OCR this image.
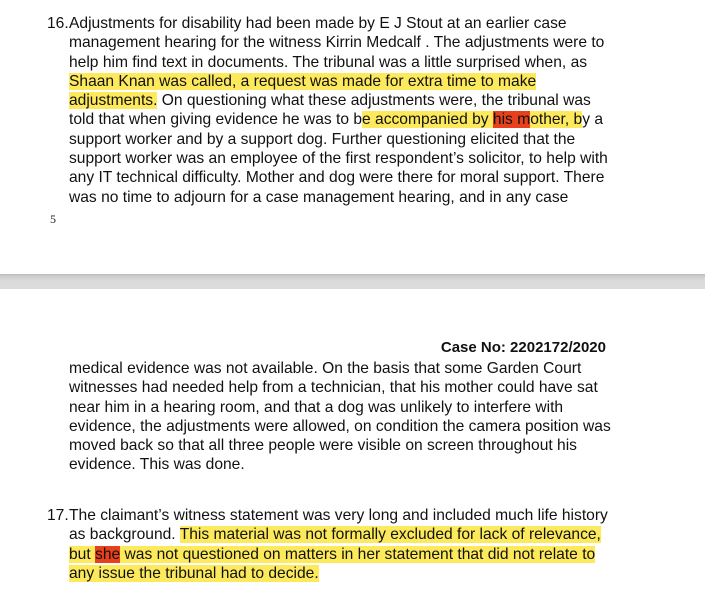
16. Adjustments for disability had been made by E J Stout at an earlier case
management hearing for the witness Kirrin Medcalf . The adjustments were to
help him find text in documents. The tribunal was a little surprised when, as
Shaan Knan was called, a request was made for extra time to make
adjustments. On questioning what these adjustments were, the tribunal was
told that when giving evidence he was to be accompanied by his mother, by a
support worker and by a support dog. Further questioning elicited that the
support worker was an employee of the first respondent’s solicitor, to help with
any IT technical difficulty. Mother and dog were there for moral support. There
was no time to adjourn for a case management hearing, and in any case
5
Case No: 2202172/2020
medical evidence was not available. On the basis that some Garden Court
witnesses had needed help from a technician, that his mother could have sat
near him in a hearing room, and that a dog was unlikely to interfere with
evidence, the adjustments were allowed, on condition the camera position was
moved back so that all three people were visible on screen throughout his
evidence. This was done.
17. The claimant’s witness statement was very long and included much life history
as background. This material was not formally excluded for lack of relevance,
but she was not questioned on matters in her statement that did not relate to
any issue the tribunal had to decide.
